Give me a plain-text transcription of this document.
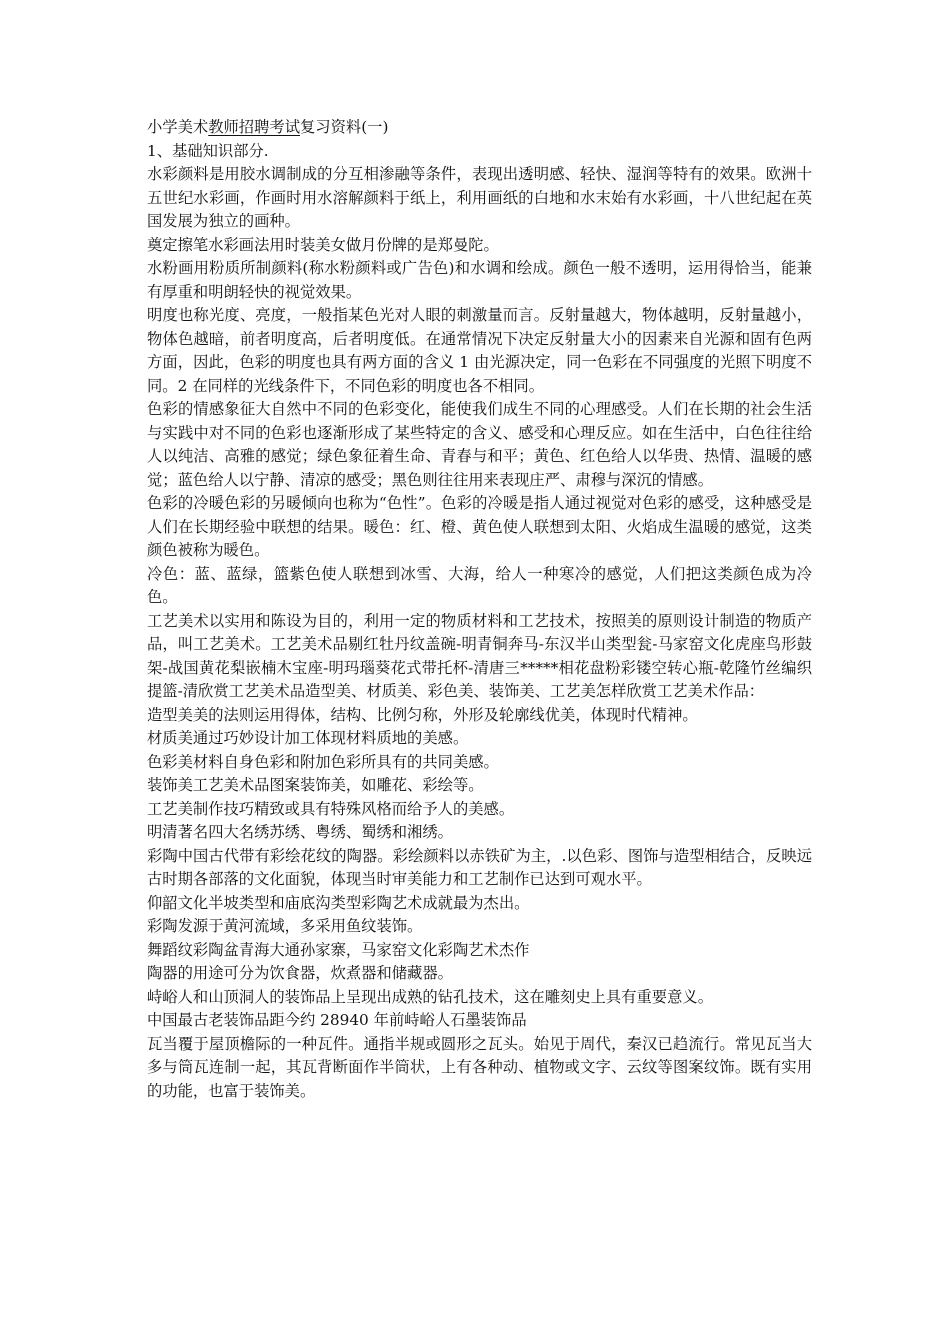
小学美术教师招聘考试复习资料(一)

1、基础知识部分.

水彩颜料是用胶水调制成的分互相渗融等条件，表现出透明感、轻快、湿润等特有的效果。欧洲十五世纪水彩画，作画时用水溶解颜料于纸上，利用画纸的白地和水末始有水彩画，十八世纪起在英国发展为独立的画种。

奠定擦笔水彩画法用时装美女做月份牌的是郑曼陀。

水粉画用粉质所制颜料(称水粉颜料或广告色)和水调和绘成。颜色一般不透明，运用得恰当，能兼有厚重和明朗轻快的视觉效果。

明度也称光度、亮度，一般指某色光对人眼的刺激量而言。反射量越大，物体越明，反射量越小，物体色越暗，前者明度高，后者明度低。在通常情况下决定反射量大小的因素来自光源和固有色两方面，因此，色彩的明度也具有两方面的含义 1 由光源决定，同一色彩在不同强度的光照下明度不同。2 在同样的光线条件下，不同色彩的明度也各不相同。

色彩的情感象征大自然中不同的色彩变化，能使我们成生不同的心理感受。人们在长期的社会生活与实践中对不同的色彩也逐渐形成了某些特定的含义、感受和心理反应。如在生活中，白色往往给人以纯洁、高雅的感觉；绿色象征着生命、青春与和平；黄色、红色给人以华贵、热情、温暖的感觉；蓝色给人以宁静、清凉的感受；黑色则往往用来表现庄严、肃穆与深沉的情感。

色彩的冷暖色彩的另暖倾向也称为“色性”。色彩的冷暖是指人通过视觉对色彩的感受，这种感受是人们在长期经验中联想的结果。暖色：红、橙、黄色使人联想到太阳、火焰成生温暖的感觉，这类颜色被称为暖色。

冷色：蓝、蓝绿，篮紫色使人联想到冰雪、大海，给人一种寒冷的感觉，人们把这类颜色成为冷色。

工艺美术以实用和陈设为目的，利用一定的物质材料和工艺技术，按照美的原则设计制造的物质产品，叫工艺美术。工艺美术品剔红牡丹纹盖碗-明青铜奔马-东汉半山类型瓮-马家窑文化虎座鸟形鼓架-战国黄花梨嵌楠木宝座-明玛瑙葵花式带托杯-清唐三*****相花盘粉彩镂空转心瓶-乾隆竹丝编织提篮-清欣赏工艺美术品造型美、材质美、彩色美、装饰美、工艺美怎样欣赏工艺美术作品：

造型美美的法则运用得体，结构、比例匀称，外形及轮廓线优美，体现时代精神。

材质美通过巧妙设计加工体现材料质地的美感。

色彩美材料自身色彩和附加色彩所具有的共同美感。

装饰美工艺美术品图案装饰美，如雕花、彩绘等。

工艺美制作技巧精致或具有特殊风格而给予人的美感。

明清著名四大名绣苏绣、粤绣、蜀绣和湘绣。

彩陶中国古代带有彩绘花纹的陶器。彩绘颜料以赤铁矿为主，.以色彩、图饰与造型相结合，反映远古时期各部落的文化面貌，体现当时审美能力和工艺制作已达到可观水平。

仰韶文化半坡类型和庙底沟类型彩陶艺术成就最为杰出。

彩陶发源于黄河流域，多采用鱼纹装饰。

舞蹈纹彩陶盆青海大通孙家寨，马家窑文化彩陶艺术杰作

陶器的用途可分为饮食器，炊煮器和储藏器。

峙峪人和山顶洞人的装饰品上呈现出成熟的钻孔技术，这在雕刻史上具有重要意义。

中国最古老装饰品距今约 28940 年前峙峪人石墨装饰品

瓦当覆于屋顶檐际的一种瓦件。通指半规或圆形之瓦头。始见于周代，秦汉已趋流行。常见瓦当大多与筒瓦连制一起，其瓦背断面作半筒状，上有各种动、植物或文字、云纹等图案纹饰。既有实用的功能，也富于装饰美。
